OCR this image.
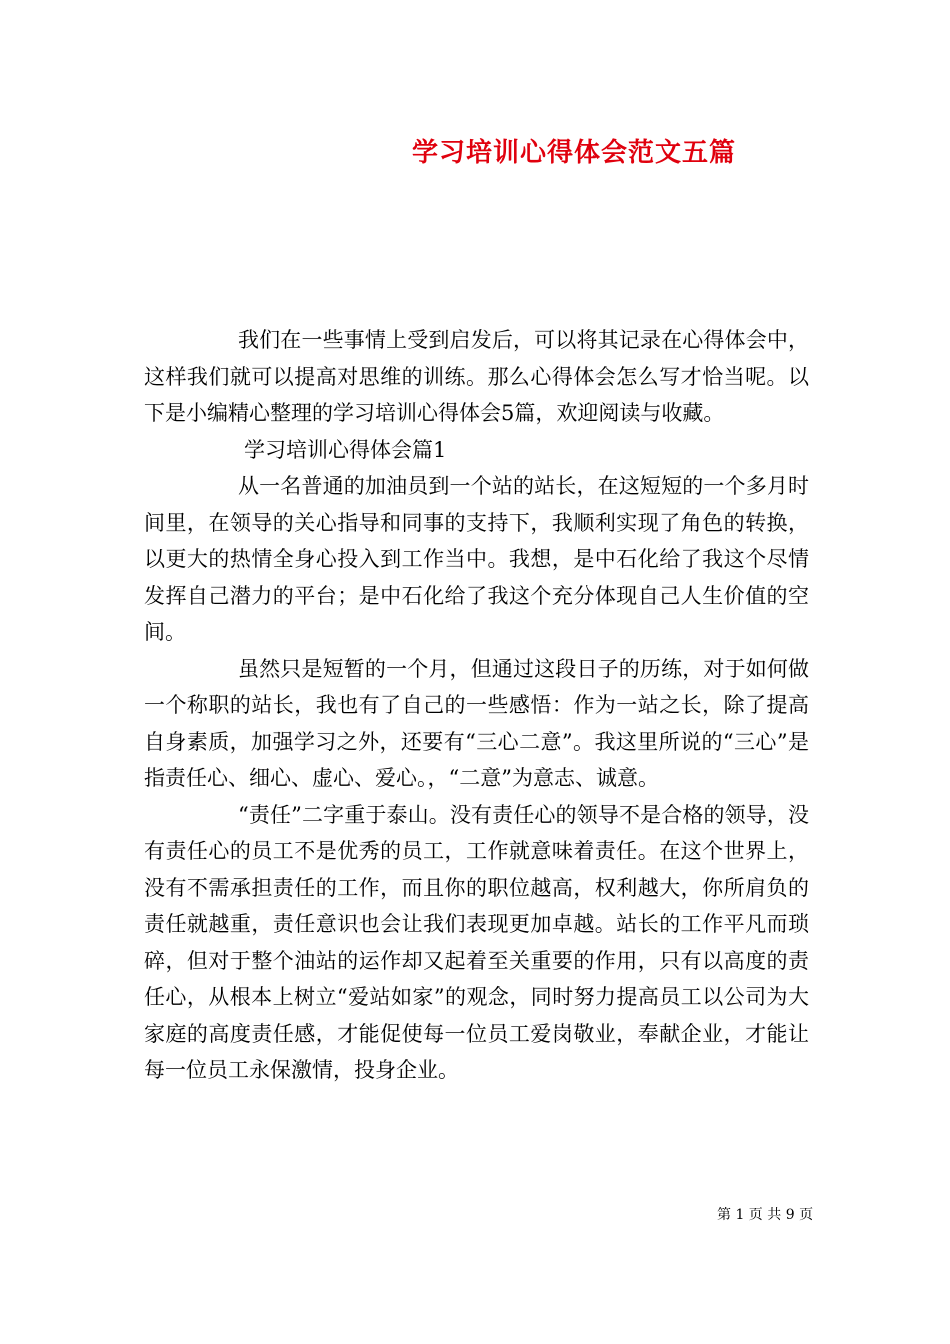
学习培训心得体会范文五篇

我们在一些事情上受到启发后，可以将其记录在心得体会中，这样我们就可以提高对思维的训练。那么心得体会怎么写才恰当呢。以下是小编精心整理的学习培训心得体会5篇，欢迎阅读与收藏。

学习培训心得体会篇1

从一名普通的加油员到一个站的站长，在这短短的一个多月时间里，在领导的关心指导和同事的支持下，我顺利实现了角色的转换，以更大的热情全身心投入到工作当中。我想，是中石化给了我这个尽情发挥自己潜力的平台；是中石化给了我这个充分体现自己人生价值的空间。

虽然只是短暂的一个月，但通过这段日子的历练，对于如何做一个称职的站长，我也有了自己的一些感悟：作为一站之长，除了提高自身素质，加强学习之外，还要有“三心二意”。我这里所说的“三心”是指责任心、细心、虚心、爱心。，“二意”为意志、诚意。

“责任”二字重于泰山。没有责任心的领导不是合格的领导，没有责任心的员工不是优秀的员工，工作就意味着责任。在这个世界上，没有不需承担责任的工作，而且你的职位越高，权利越大，你所肩负的责任就越重，责任意识也会让我们表现更加卓越。站长的工作平凡而琐碎，但对于整个油站的运作却又起着至关重要的作用，只有以高度的责任心，从根本上树立“爱站如家”的观念，同时努力提高员工以公司为大家庭的高度责任感，才能促使每一位员工爱岗敬业，奉献企业，才能让每一位员工永保激情，投身企业。

第 1 页 共 9 页
